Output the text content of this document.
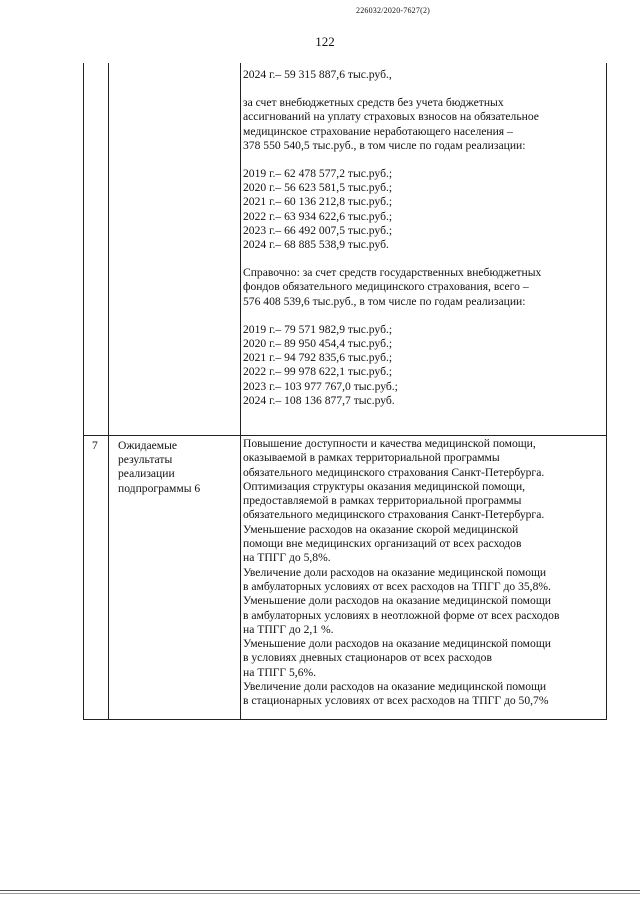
226032/2020-7627(2)
122

2024 г.– 59 315 887,6 тыс.руб.,

за счет внебюджетных средств без учета бюджетных

ассигнований на уплату страховых взносов на обязательное

медицинское страхование неработающего населения –

378 550 540,5 тыс.руб., в том числе по годам реализации:

2019 г.– 62 478 577,2 тыс.руб.;

2020 г.– 56 623 581,5 тыс.руб.;

2021 г.– 60 136 212,8 тыс.руб.;

2022 г.– 63 934 622,6 тыс.руб.;

2023 г.– 66 492 007,5 тыс.руб.;

2024 г.– 68 885 538,9 тыс.руб.

Справочно: за счет средств государственных внебюджетных

фондов обязательного медицинского страхования, всего –

576 408 539,6 тыс.руб., в том числе по годам реализации:

2019 г.– 79 571 982,9 тыс.руб.;

2020 г.– 89 950 454,4 тыс.руб.;

2021 г.– 94 792 835,6 тыс.руб.;

2022 г.– 99 978 622,1 тыс.руб.;

2023 г.– 103 977 767,0 тыс.руб.;

2024 г.– 108 136 877,7 тыс.руб.

7	Ожидаемые

результаты

реализации

подпрограммы 6

Повышение доступности и качества медицинской помощи,

оказываемой в рамках территориальной программы

обязательного медицинского страхования Санкт-Петербурга.

Оптимизация структуры оказания медицинской помощи,

предоставляемой в рамках территориальной программы

обязательного медицинского страхования Санкт-Петербурга.

Уменьшение расходов на оказание скорой медицинской

помощи вне медицинских организаций от всех расходов

на ТПГГ до 5,8%.

Увеличение доли расходов на оказание медицинской помощи

в амбулаторных условиях от всех расходов на ТПГГ до 35,8%.

Уменьшение доли расходов на оказание медицинской помощи

в амбулаторных условиях в неотложной форме от всех расходов

на ТПГГ до 2,1 %.

Уменьшение доли расходов на оказание медицинской помощи

в условиях дневных стационаров от всех расходов

на ТПГГ 5,6%.

Увеличение доли расходов на оказание медицинской помощи

в стационарных условиях от всех расходов на ТПГГ до 50,7%
